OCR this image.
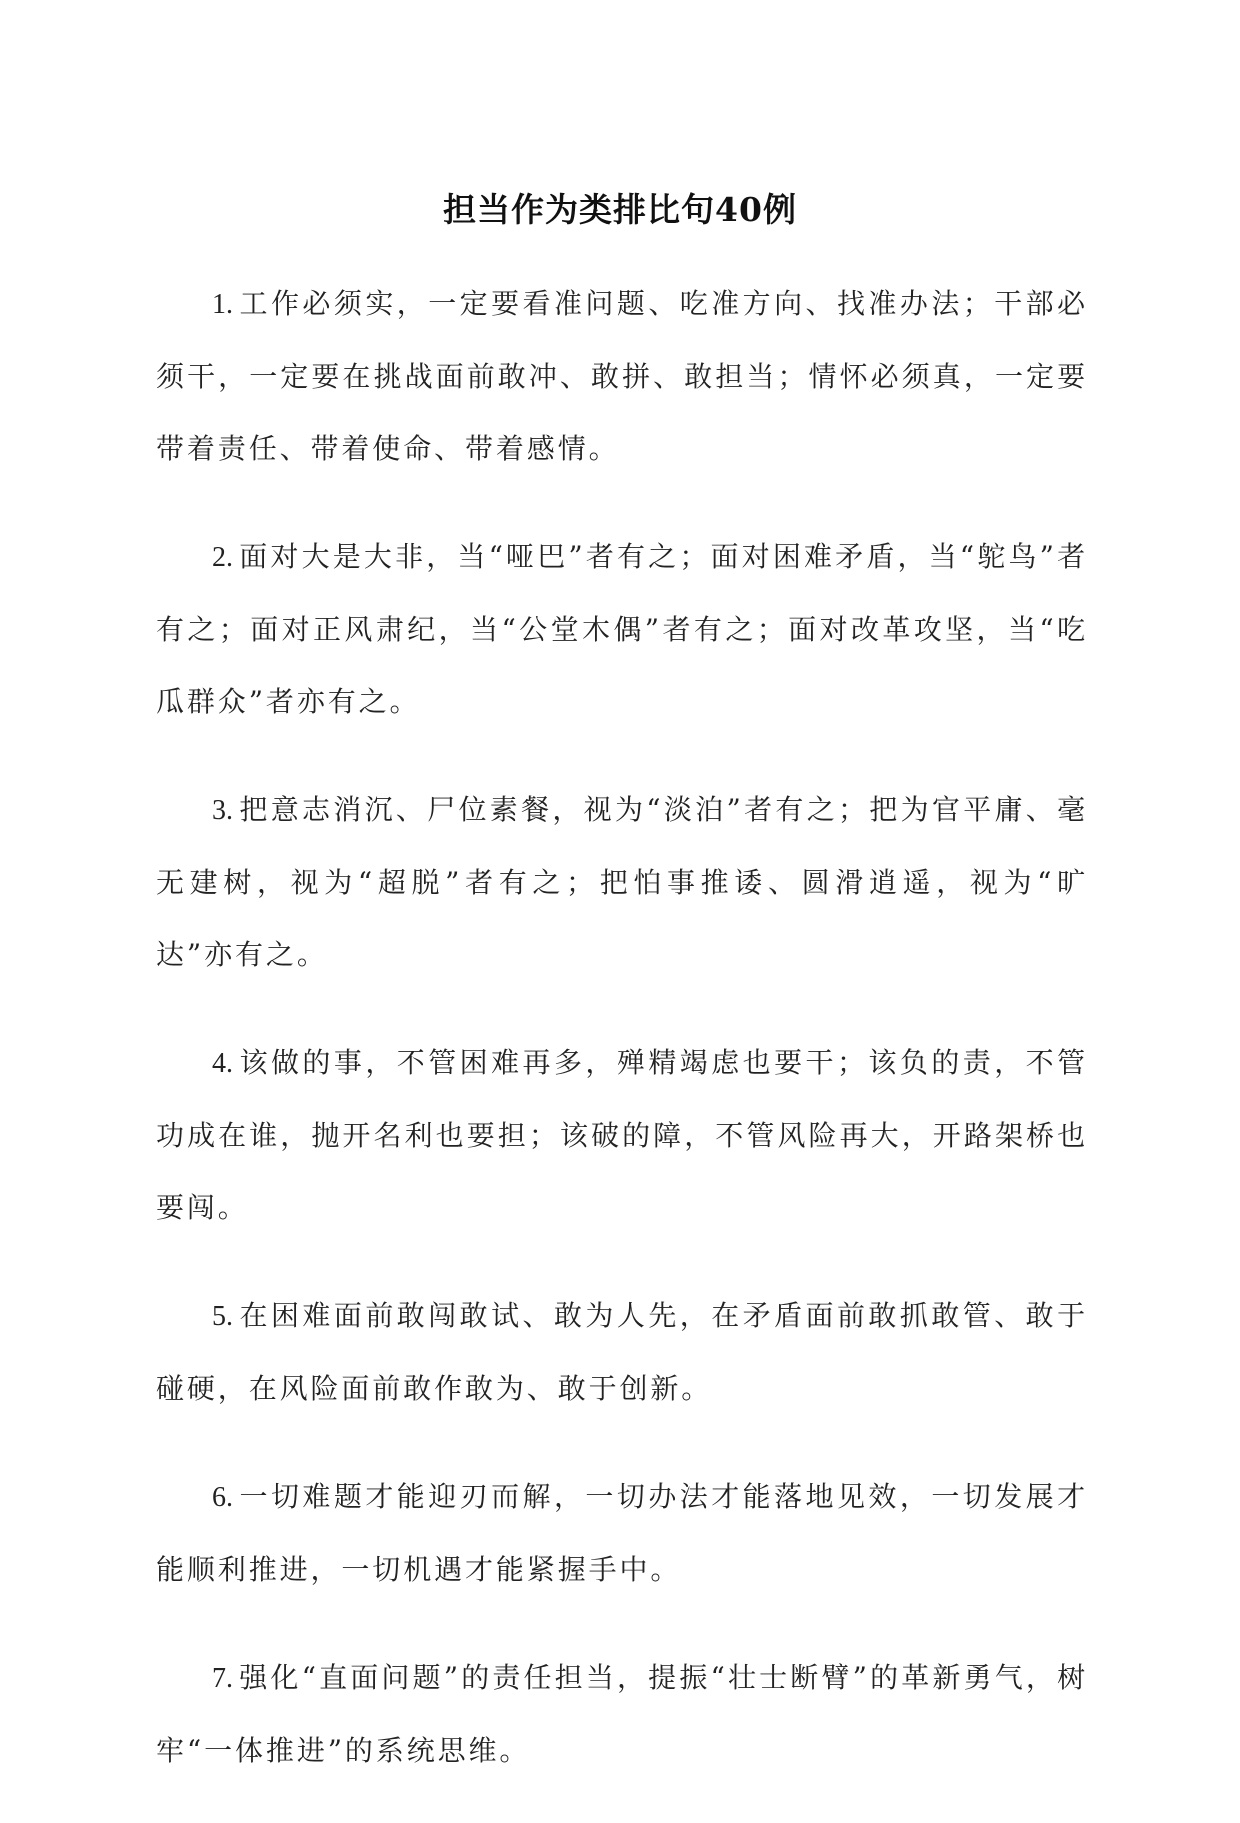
担当作为类排比句40例

1. 工作必须实，一定要看准问题、吃准方向、找准办法；干部必须干，一定要在挑战面前敢冲、敢拼、敢担当；情怀必须真，一定要带着责任、带着使命、带着感情。

2. 面对大是大非，当“哑巴”者有之；面对困难矛盾，当“鸵鸟”者有之；面对正风肃纪，当“公堂木偶”者有之；面对改革攻坚，当“吃瓜群众”者亦有之。

3. 把意志消沉、尸位素餐，视为“淡泊”者有之；把为官平庸、毫无建树，视为“超脱”者有之；把怕事推诿、圆滑逍遥，视为“旷达”亦有之。

4. 该做的事，不管困难再多，殚精竭虑也要干；该负的责，不管功成在谁，抛开名利也要担；该破的障，不管风险再大，开路架桥也要闯。

5. 在困难面前敢闯敢试、敢为人先，在矛盾面前敢抓敢管、敢于碰硬，在风险面前敢作敢为、敢于创新。

6. 一切难题才能迎刃而解，一切办法才能落地见效，一切发展才能顺利推进，一切机遇才能紧握手中。

7. 强化“直面问题”的责任担当，提振“壮士断臂”的革新勇气，树牢“一体推进”的系统思维。
